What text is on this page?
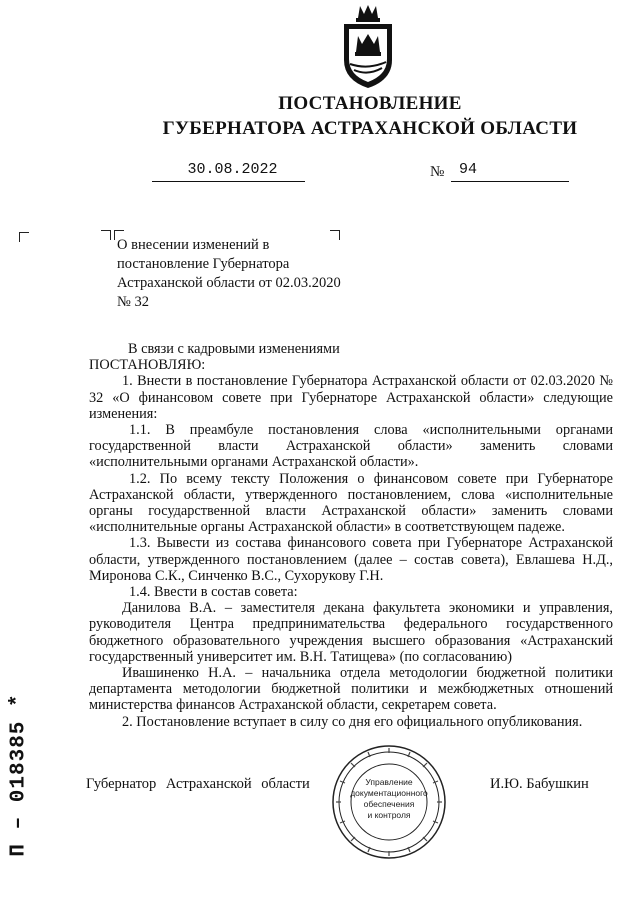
ПОСТАНОВЛЕНИЕ
ГУБЕРНАТОРА АСТРАХАНСКОЙ ОБЛАСТИ
30.08.2022	№ 94
О внесении изменений в постановление Губернатора Астраханской области от 02.03.2020 № 32

В связи с кадровыми изменениями

ПОСТАНОВЛЯЮ:

1. Внести в постановление Губернатора Астраханской области от 02.03.2020 № 32 «О финансовом совете при Губернаторе Астраханской области» следующие изменения:

1.1. В преамбуле постановления слова «исполнительными органами государственной власти Астраханской области» заменить словами «исполнительными органами Астраханской области».

1.2. По всему тексту Положения о финансовом совете при Губернаторе Астраханской области, утвержденного постановлением, слова «исполнительные органы государственной власти Астраханской области» заменить словами «исполнительные органы Астраханской области» в соответствующем падеже.

1.3. Вывести из состава финансового совета при Губернаторе Астраханской области, утвержденного постановлением (далее – состав совета), Евлашева Н.Д., Миронова С.К., Синченко В.С., Сухорукову Г.Н.

1.4. Ввести в состав совета:

Данилова В.А. – заместителя декана факультета экономики и управления, руководителя Центра предпринимательства федерального государственного бюджетного образовательного учреждения высшего образования «Астраханский государственный университет им. В.Н. Татищева» (по согласованию)

Ивашиненко Н.А. – начальника отдела методологии бюджетной политики департамента методологии бюджетной политики и межбюджетных отношений министерства финансов Астраханской области, секретарем совета.

2. Постановление вступает в силу со дня его официального опубликования.

Губернатор Астраханской области	Управление
документационного
обеспечения
и контроля
И.Ю. Бабушкин
П – 018385 *
